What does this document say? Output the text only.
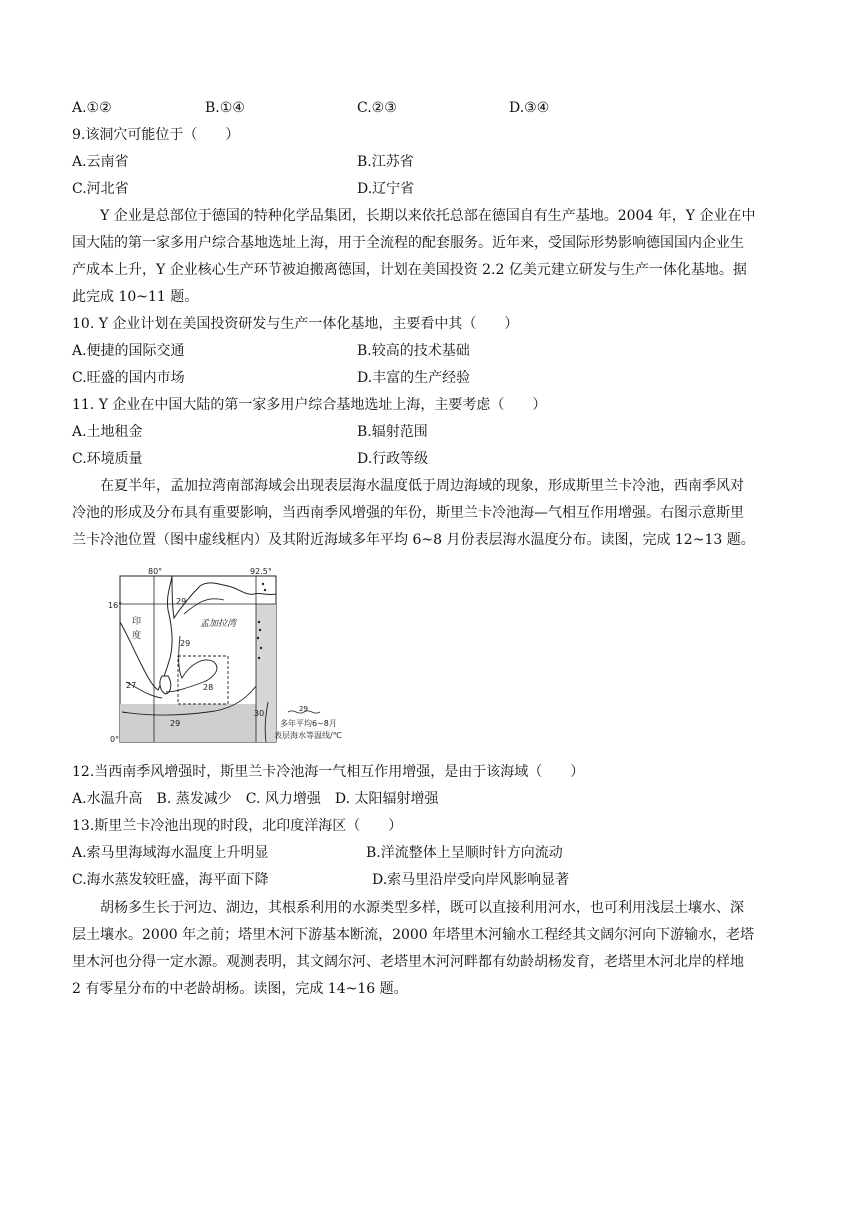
A.①②	B.①④	C.②③	D.③④
9.该洞穴可能位于（　　）
A.云南省	B.江苏省
C.河北省	D.辽宁省
Y 企业是总部位于德国的特种化学品集团，长期以来依托总部在德国自有生产基地。2004 年，Y 企业在中
国大陆的第一家多用户综合基地选址上海，用于全流程的配套服务。近年来，受国际形势影响德国国内企业生
产成本上升，Y 企业核心生产环节被迫搬离德国，计划在美国投资 2.2 亿美元建立研发与生产一体化基地。据
此完成 10~11 题。
10. Y 企业计划在美国投资研发与生产一体化基地，主要看中其（　　）
A.便捷的国际交通	B.较高的技术基础
C.旺盛的国内市场	D.丰富的生产经验
11. Y 企业在中国大陆的第一家多用户综合基地选址上海，主要考虑（　　）
A.土地租金	B.辐射范围
C.环境质量	D.行政等级
在夏半年，孟加拉湾南部海域会出现表层海水温度低于周边海域的现象，形成斯里兰卡冷池，西南季风对
冷池的形成及分布具有重要影响，当西南季风增强的年份，斯里兰卡冷池海—气相互作用增强。右图示意斯里
兰卡冷池位置（图中虚线框内）及其附近海域多年平均 6~8 月份表层海水温度分布。读图，完成 12~13 题。
80°	92.5°
16°
0°
印
度
孟加拉湾
29
29
27	28
29
30	29
多年平均6~8月
表层海水等温线/℃
12.当西南季风增强时，斯里兰卡冷池海一气相互作用增强，是由于该海域（　　）
A.水温升高　B. 蒸发减少　C. 风力增强　D. 太阳辐射增强
13.斯里兰卡冷池出现的时段，北印度洋海区（　　）
A.索马里海域海水温度上升明显	B.洋流整体上呈顺时针方向流动
C.海水蒸发较旺盛，海平面下降	D.索马里沿岸受向岸风影响显著
胡杨多生长于河边、湖边，其根系利用的水源类型多样，既可以直接利用河水，也可利用浅层土壤水、深
层土壤水。2000 年之前；塔里木河下游基本断流，2000 年塔里木河输水工程经其文阔尔河向下游输水，老塔
里木河也分得一定水源。观测表明，其文阔尔河、老塔里木河河畔都有幼龄胡杨发育，老塔里木河北岸的样地
2 有零星分布的中老龄胡杨。读图，完成 14~16 题。
